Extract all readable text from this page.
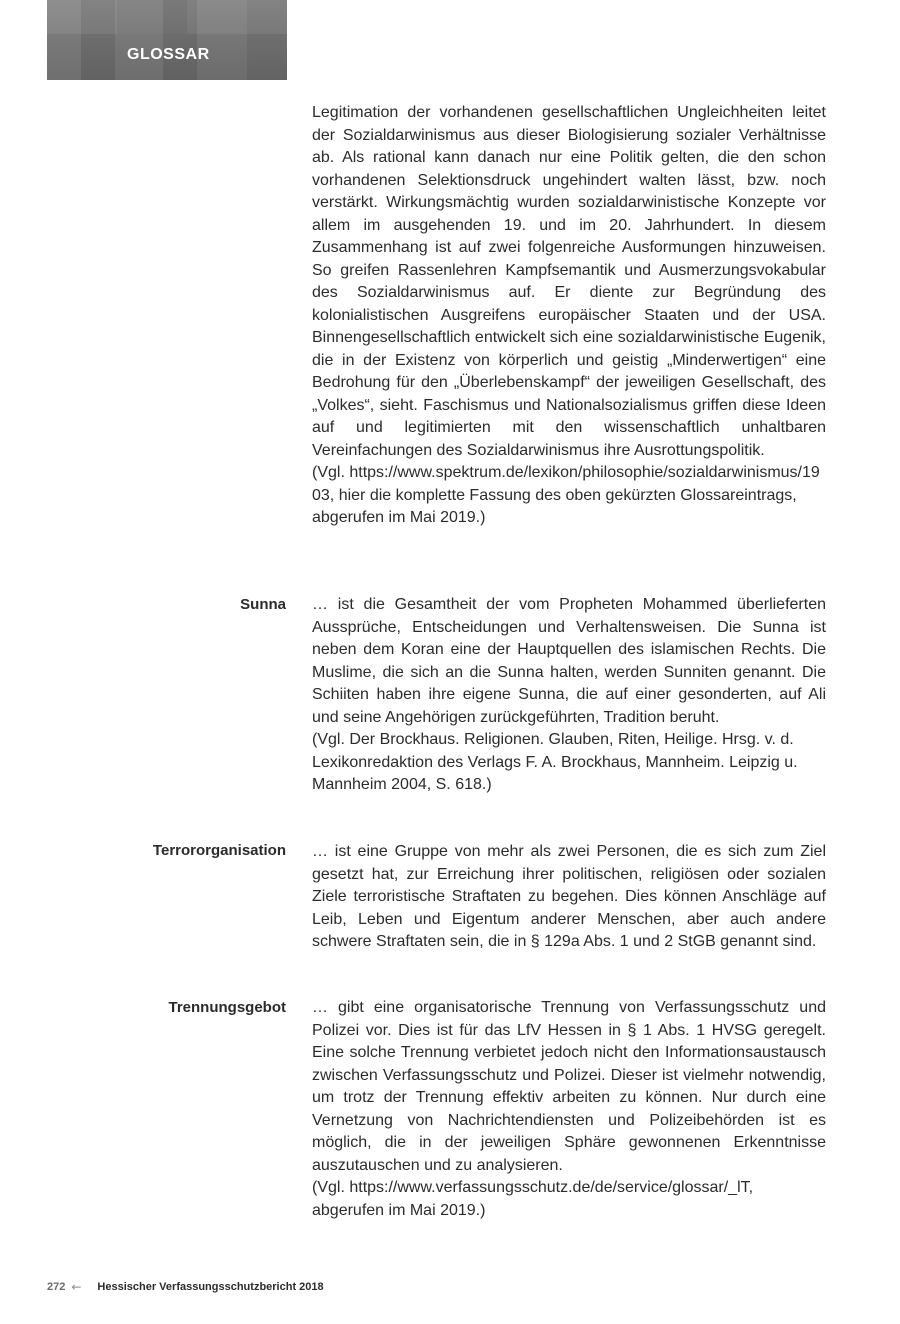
GLOSSAR

Legitimation der vorhandenen gesellschaftlichen Ungleichheiten leitet der Sozialdarwinismus aus dieser Biologisierung sozialer Verhältnisse ab. Als rational kann danach nur eine Politik gelten, die den schon vorhandenen Selektionsdruck ungehindert walten lässt, bzw. noch verstärkt. Wirkungsmächtig wurden sozialdarwinistische Konzepte vor allem im ausgehenden 19. und im 20. Jahrhundert. In diesem Zusammenhang ist auf zwei folgenreiche Ausformungen hinzuweisen. So greifen Rassenlehren Kampfsemantik und Ausmerzungsvokabular des Sozialdarwinismus auf. Er diente zur Begründung des kolonialistischen Ausgreifens europäischer Staaten und der USA. Binnengesellschaftlich entwickelt sich eine sozialdarwinistische Eugenik, die in der Existenz von körperlich und geistig „Minderwertigen“ eine Bedrohung für den „Überlebenskampf“ der jeweiligen Gesellschaft, des „Volkes“, sieht. Faschismus und Nationalsozialismus griffen diese Ideen auf und legitimierten mit den wissenschaftlich unhaltbaren Vereinfachungen des Sozialdarwinismus ihre Ausrottungspolitik.

(Vgl. https://www.spektrum.de/lexikon/philosophie/sozialdarwinismus/19 03, hier die komplette Fassung des oben gekürzten Glossareintrags, abgerufen im Mai 2019.)

Sunna … ist die Gesamtheit der vom Propheten Mohammed überlieferten Aussprüche, Entscheidungen und Verhaltensweisen. Die Sunna ist neben dem Koran eine der Hauptquellen des islamischen Rechts. Die Muslime, die sich an die Sunna halten, werden Sunniten genannt. Die Schiiten haben ihre eigene Sunna, die auf einer gesonderten, auf Ali und seine Angehörigen zurückgeführten, Tradition beruht.

(Vgl. Der Brockhaus. Religionen. Glauben, Riten, Heilige. Hrsg. v. d. Lexikonredaktion des Verlags F. A. Brockhaus, Mannheim. Leipzig u. Mannheim 2004, S. 618.)

Terrororganisation … ist eine Gruppe von mehr als zwei Personen, die es sich zum Ziel gesetzt hat, zur Erreichung ihrer politischen, religiösen oder sozialen Ziele terroristische Straftaten zu begehen. Dies können Anschläge auf Leib, Leben und Eigentum anderer Menschen, aber auch andere schwere Straftaten sein, die in § 129a Abs. 1 und 2 StGB genannt sind.

Trennungsgebot … gibt eine organisatorische Trennung von Verfassungsschutz und Polizei vor. Dies ist für das LfV Hessen in § 1 Abs. 1 HVSG geregelt. Eine solche Trennung verbietet jedoch nicht den Informationsaustausch zwischen Verfassungsschutz und Polizei. Dieser ist vielmehr notwendig, um trotz der Trennung effektiv arbeiten zu können. Nur durch eine Vernetzung von Nachrichtendiensten und Polizeibehörden ist es möglich, die in der jeweiligen Sphäre gewonnenen Erkenntnisse auszutauschen und zu analysieren.

(Vgl. https://www.verfassungsschutz.de/de/service/glossar/_lT, abgerufen im Mai 2019.)

272 ← Hessischer Verfassungsschutzbericht 2018
